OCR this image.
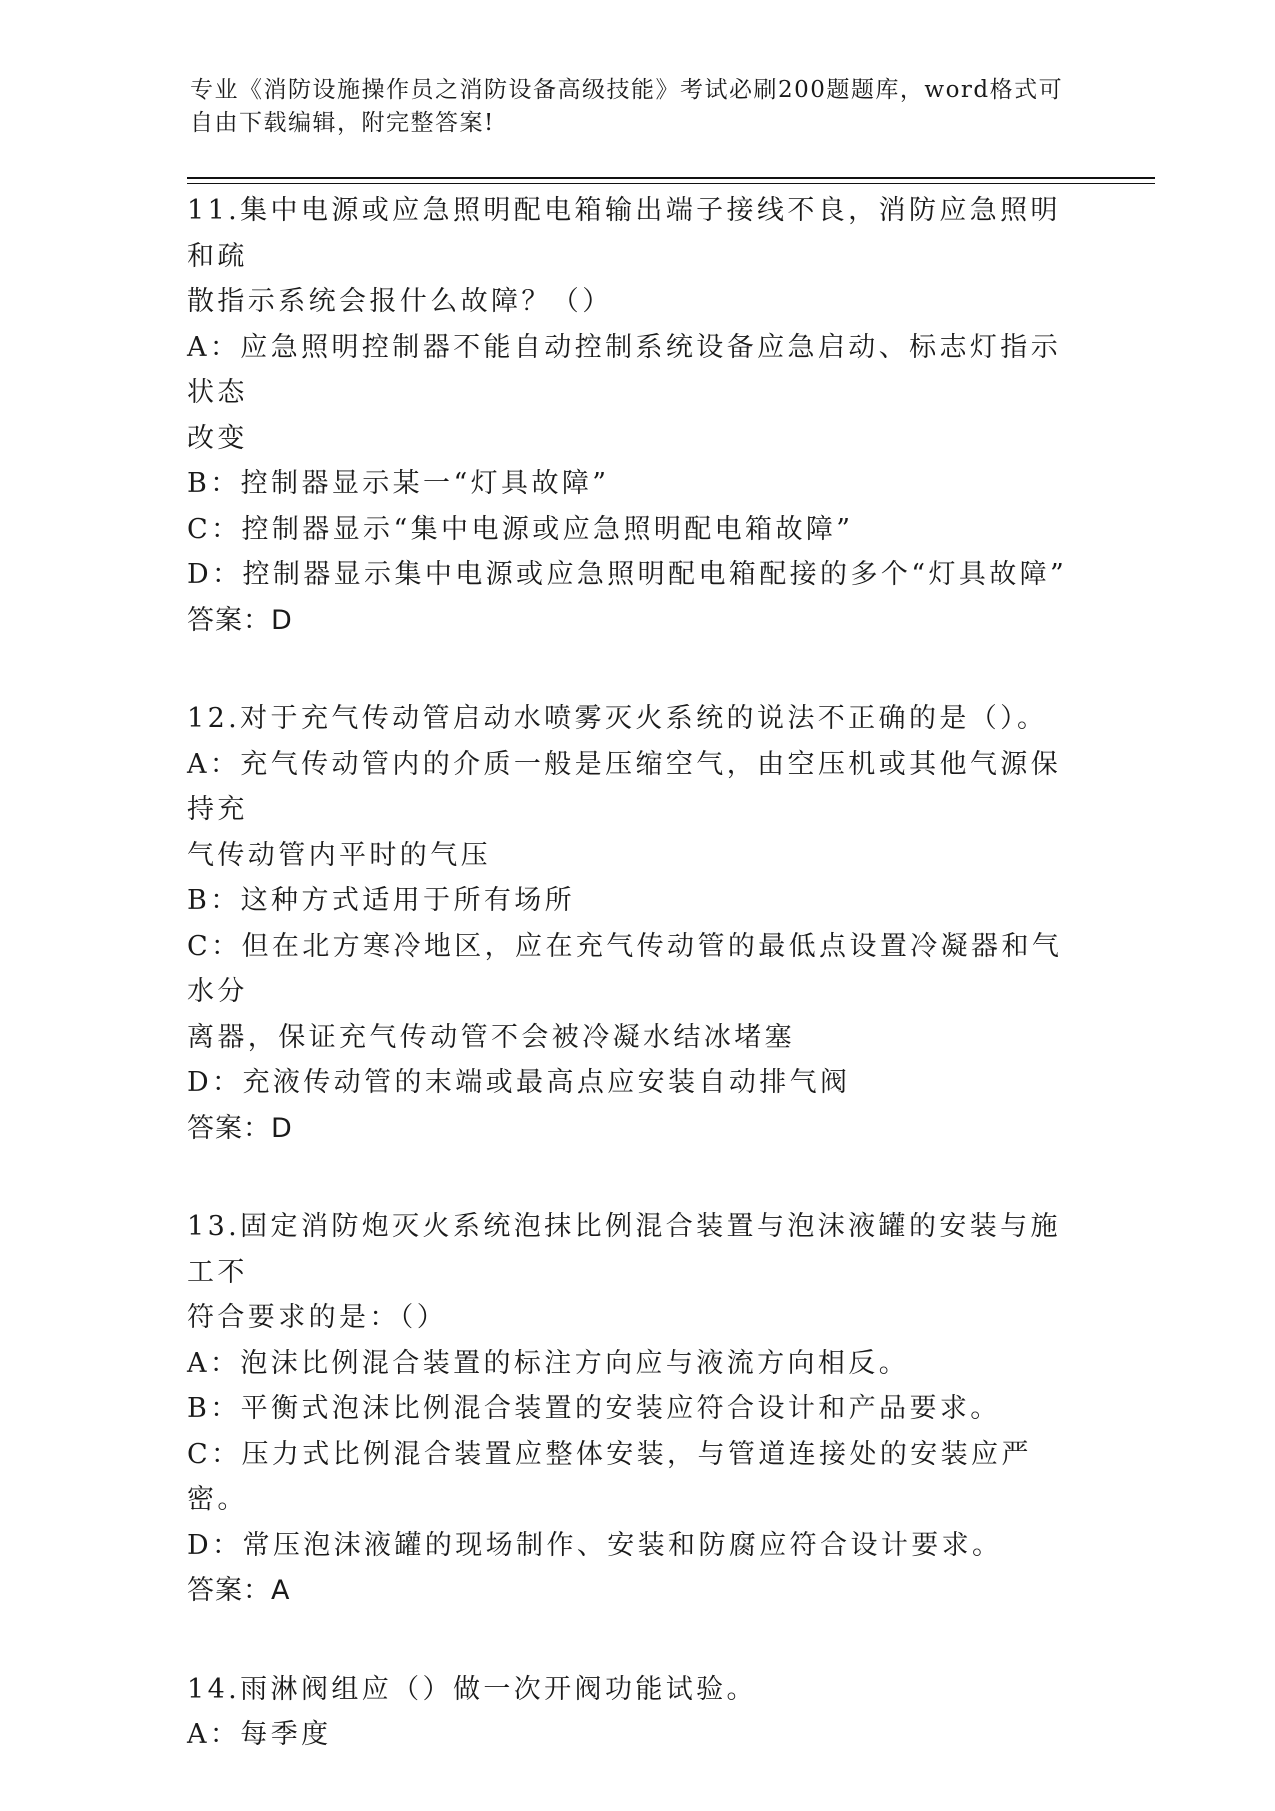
专业《消防设施操作员之消防设备高级技能》考试必刷200题题库，word格式可
自由下载编辑，附完整答案!
11.集中电源或应急照明配电箱输出端子接线不良，消防应急照明和疏
散指示系统会报什么故障？（）
A：应急照明控制器不能自动控制系统设备应急启动、标志灯指示状态
改变
B：控制器显示某一“灯具故障”
C：控制器显示“集中电源或应急照明配电箱故障”
D：控制器显示集中电源或应急照明配电箱配接的多个“灯具故障”
答案：D
12.对于充气传动管启动水喷雾灭火系统的说法不正确的是（）。
A：充气传动管内的介质一般是压缩空气，由空压机或其他气源保持充
气传动管内平时的气压
B：这种方式适用于所有场所
C：但在北方寒冷地区，应在充气传动管的最低点设置冷凝器和气水分
离器，保证充气传动管不会被冷凝水结冰堵塞
D：充液传动管的末端或最高点应安装自动排气阀
答案：D
13.固定消防炮灭火系统泡抹比例混合装置与泡沫液罐的安装与施工不
符合要求的是：（）
A：泡沫比例混合装置的标注方向应与液流方向相反。
B：平衡式泡沫比例混合装置的安装应符合设计和产品要求。
C：压力式比例混合装置应整体安装，与管道连接处的安装应严密。
D：常压泡沫液罐的现场制作、安装和防腐应符合设计要求。
答案：A
14.雨淋阀组应（）做一次开阀功能试验。
A：每季度
